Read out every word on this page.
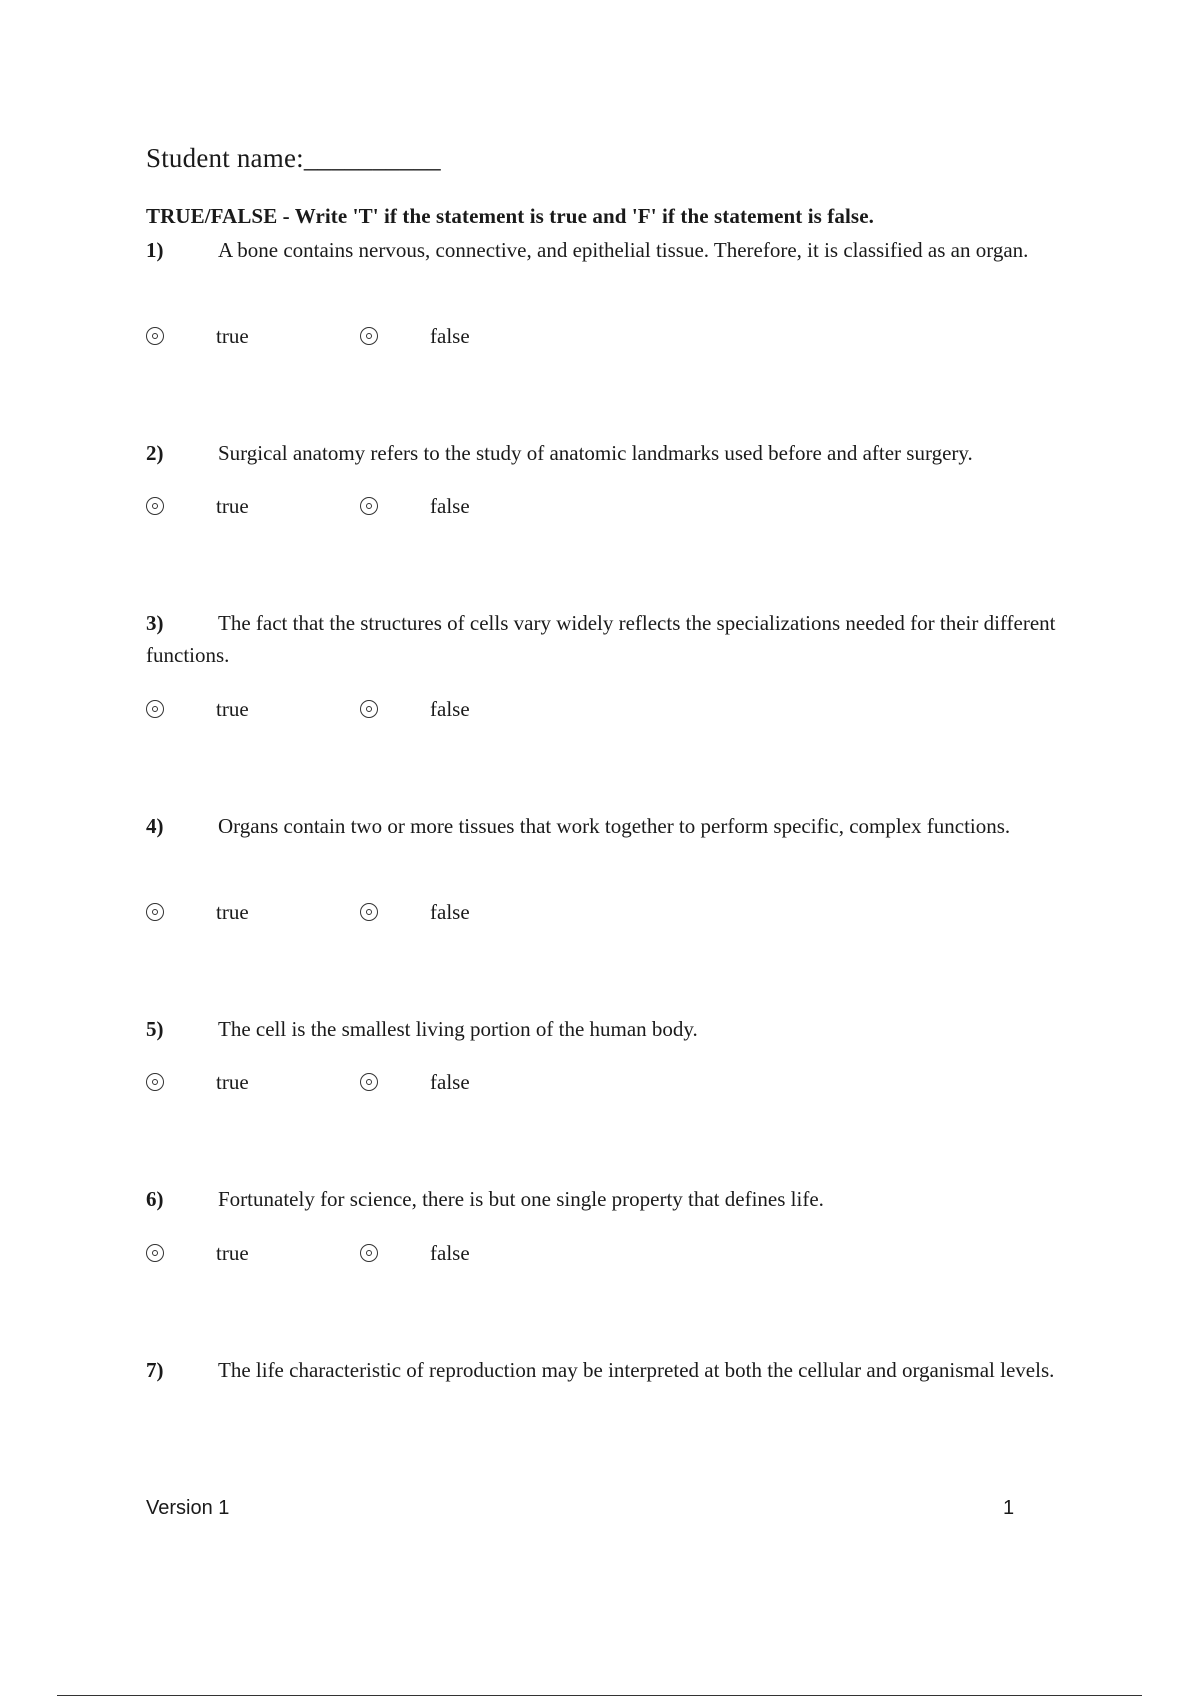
Student name:__________
TRUE/FALSE - Write 'T' if the statement is true and 'F' if the statement is false.
1)	A bone contains nervous, connective, and epithelial tissue. Therefore, it is classified as an organ.
true	false
2)	Surgical anatomy refers to the study of anatomic landmarks used before and after surgery.
true	false
3)	The fact that the structures of cells vary widely reflects the specializations needed for their different functions.
true	false
4)	Organs contain two or more tissues that work together to perform specific, complex functions.
true	false
5)	The cell is the smallest living portion of the human body.
true	false
6)	Fortunately for science, there is but one single property that defines life.
true	false
7)	The life characteristic of reproduction may be interpreted at both the cellular and organismal levels.
Version 1	1
